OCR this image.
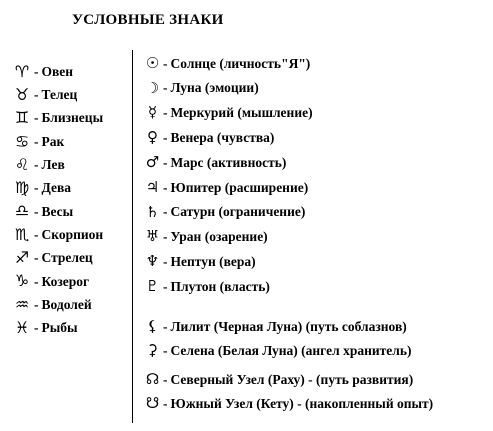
УСЛОВНЫЕ ЗНАКИ
♈ - Овен
♉ - Телец
♊ - Близнецы
♋ - Рак
♌ - Лев
♍ - Дева
♎ - Весы
♏ - Скорпион
♐ - Стрелец
♑ - Козерог
♒ - Водолей
♓ - Рыбы
☉ - Солнце (личность"Я")
☽ - Луна (эмоции)
☿ - Меркурий (мышление)
♀ - Венера (чувства)
♂ - Марс (активность)
♃ - Юпитер (расширение)
♄ - Сатурн (ограничение)
♅ - Уран (озарение)
♆ - Нептун (вера)
♇ - Плутон (власть)
⚸ - Лилит (Черная Луна) (путь соблазнов)
⚳ - Селена (Белая Луна) (ангел хранитель)
☊ - Северный Узел (Раху) - (путь развития)
☋ - Южный Узел (Кету) - (накопленный опыт)
